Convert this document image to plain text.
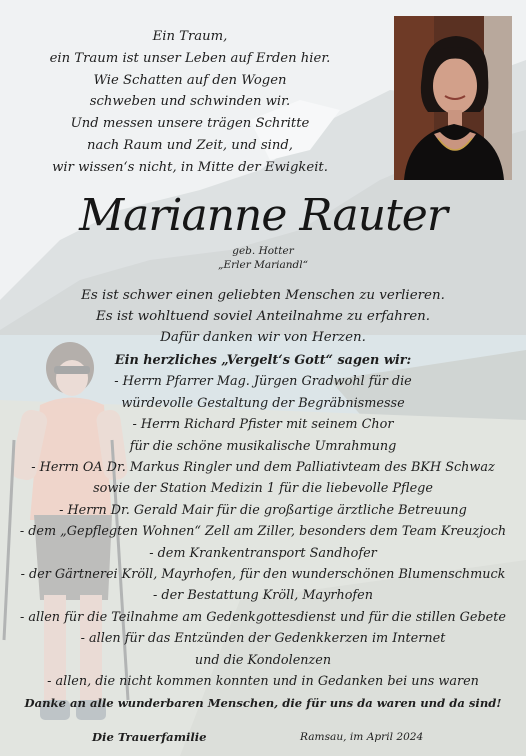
Ein Traum,
ein Traum ist unser Leben auf Erden hier.
Wie Schatten auf den Wogen
schweben und schwinden wir.
Und messen unsere trägen Schritte
nach Raum und Zeit, und sind,
wir wissen‘s nicht, in Mitte der Ewigkeit.
Marianne Rauter
geb. Hotter
„Erler Mariandl“
Es ist schwer einen geliebten Menschen zu verlieren.
Es ist wohltuend soviel Anteilnahme zu erfahren.
Dafür danken wir von Herzen.
Ein herzliches „Vergelt‘s Gott“ sagen wir:
- Herrn Pfarrer Mag. Jürgen Gradwohl für die
würdevolle Gestaltung der Begräbnismesse
- Herrn Richard Pfister mit seinem Chor
für die schöne musikalische Umrahmung
- Herrn OA Dr. Markus Ringler und dem Palliativteam des BKH Schwaz
sowie der Station Medizin 1 für die liebevolle Pflege
- Herrn Dr. Gerald Mair für die großartige ärztliche Betreuung
- dem „Gepflegten Wohnen“ Zell am Ziller, besonders dem Team Kreuzjoch
- dem Krankentransport Sandhofer
- der Gärtnerei Kröll, Mayrhofen, für den wunderschönen Blumenschmuck
- der Bestattung Kröll, Mayrhofen
- allen für die Teilnahme am Gedenkgottesdienst und für die stillen Gebete
- allen für das Entzünden der Gedenkkerzen im Internet
und die Kondolenzen
- allen, die nicht kommen konnten und in Gedanken bei uns waren
Danke an alle wunderbaren Menschen, die für uns da waren und da sind!
Die Trauerfamilie	Ramsau, im April 2024
